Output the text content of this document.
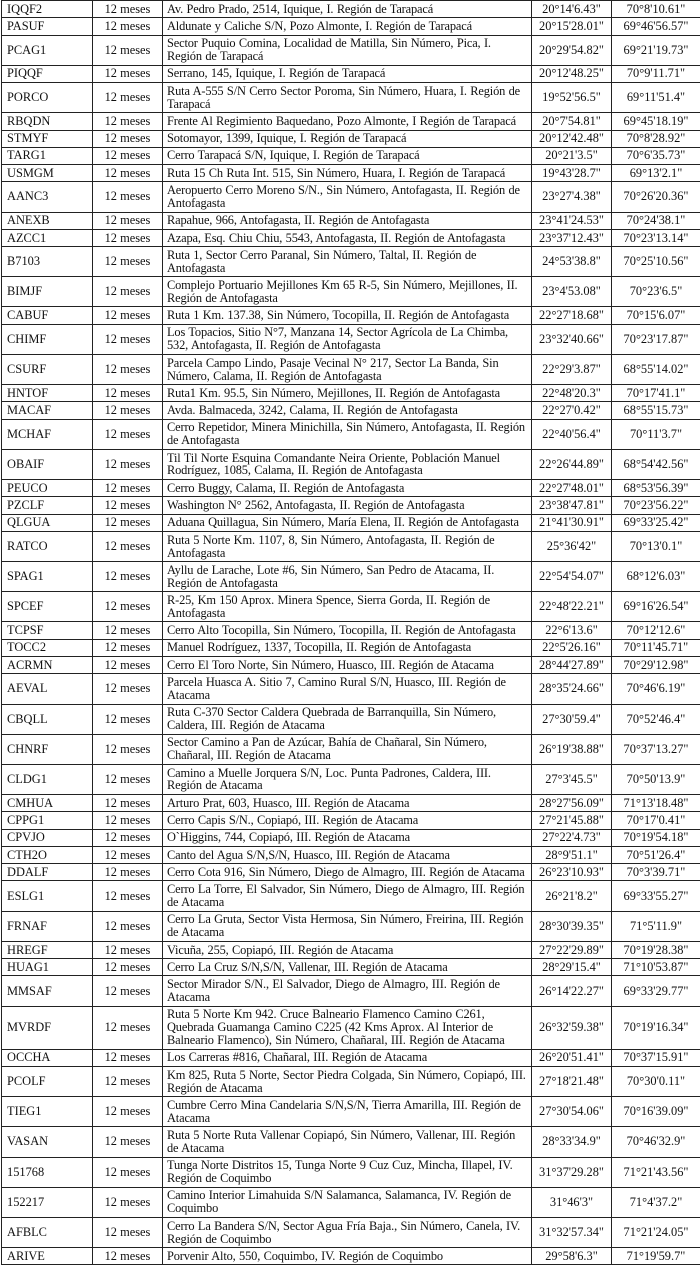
IQQF2	12 meses	Av. Pedro Prado, 2514, Iquique, I. Región de Tarapacá	20°14'6.43"	70°8'10.61"
PASUF	12 meses	Aldunate y Caliche S/N, Pozo Almonte, I. Región de Tarapacá	20°15'28.01"	69°46'56.57"
PCAG1	12 meses	Sector Puquio Comina, Localidad de Matilla, Sin Número, Pica, I. Región de Tarapacá	20°29'54.82"	69°21'19.73"
PIQQF	12 meses	Serrano, 145, Iquique, I. Región de Tarapacá	20°12'48.25"	70°9'11.71"
PORCO	12 meses	Ruta A-555 S/N Cerro Sector Poroma, Sin Número, Huara, I. Región de Tarapacá	19°52'56.5"	69°11'51.4"
RBQDN	12 meses	Frente Al Regimiento Baquedano, Pozo Almonte, I Región de Tarapacá	20°7'54.81"	69°45'18.19"
STMYF	12 meses	Sotomayor, 1399, Iquique, I. Región de Tarapacá	20°12'42.48"	70°8'28.92"
TARG1	12 meses	Cerro Tarapacá S/N, Iquique, I. Región de Tarapacá	20°21'3.5"	70°6'35.73"
USMGM	12 meses	Ruta 15 Ch Ruta Int. 515, Sin Número, Huara, I. Región de Tarapacá	19°43'28.7"	69°13'2.1"
AANC3	12 meses	Aeropuerto Cerro Moreno S/N., Sin Número, Antofagasta, II. Región de Antofagasta	23°27'4.38"	70°26'20.36"
ANEXB	12 meses	Rapahue, 966, Antofagasta, II. Región de Antofagasta	23°41'24.53"	70°24'38.1"
AZCC1	12 meses	Azapa, Esq. Chiu Chiu, 5543, Antofagasta, II. Región de Antofagasta	23°37'12.43"	70°23'13.14"
B7103	12 meses	Ruta 1, Sector Cerro Paranal, Sin Número, Taltal, II. Región de Antofagasta	24°53'38.8"	70°25'10.56"
BIMJF	12 meses	Complejo Portuario Mejillones Km 65 R-5, Sin Número, Mejillones, II. Región de Antofagasta	23°4'53.08"	70°23'6.5"
CABUF	12 meses	Ruta 1 Km. 137.38, Sin Número, Tocopilla, II. Región de Antofagasta	22°27'18.68"	70°15'6.07"
CHIMF	12 meses	Los Topacios, Sitio N°7, Manzana 14, Sector Agrícola de La Chimba, 532, Antofagasta, II. Región de Antofagasta	23°32'40.66"	70°23'17.87"
CSURF	12 meses	Parcela Campo Lindo, Pasaje Vecinal N° 217, Sector La Banda, Sin Número, Calama, II. Región de Antofagasta	22°29'3.87"	68°55'14.02"
HNTOF	12 meses	Ruta1 Km. 95.5, Sin Número, Mejillones, II. Región de Antofagasta	22°48'20.3"	70°17'41.1"
MACAF	12 meses	Avda. Balmaceda, 3242, Calama, II. Región de Antofagasta	22°27'0.42"	68°55'15.73"
MCHAF	12 meses	Cerro Repetidor, Minera Minichilla, Sin Número, Antofagasta, II. Región de Antofagasta	22°40'56.4"	70°11'3.7"
OBAIF	12 meses	Til Til Norte Esquina Comandante Neira Oriente, Población Manuel Rodríguez, 1085, Calama, II. Región de Antofagasta	22°26'44.89"	68°54'42.56"
PEUCO	12 meses	Cerro Buggy, Calama, II. Región de Antofagasta	22°27'48.01"	68°53'56.39"
PZCLF	12 meses	Washington N° 2562, Antofagasta, II. Región de Antofagasta	23°38'47.81"	70°23'56.22"
QLGUA	12 meses	Aduana Quillagua, Sin Número, María Elena, II. Región de Antofagasta	21°41'30.91"	69°33'25.42"
RATCO	12 meses	Ruta 5 Norte Km. 1107, 8, Sin Número, Antofagasta, II. Región de Antofagasta	25°36'42"	70°13'0.1"
SPAG1	12 meses	Ayllu de Larache, Lote #6, Sin Número, San Pedro de Atacama, II. Región de Antofagasta	22°54'54.07"	68°12'6.03"
SPCEF	12 meses	R-25, Km 150 Aprox. Minera Spence, Sierra Gorda, II. Región de Antofagasta	22°48'22.21"	69°16'26.54"
TCPSF	12 meses	Cerro Alto Tocopilla, Sin Número, Tocopilla, II. Región de Antofagasta	22°6'13.6"	70°12'12.6"
TOCC2	12 meses	Manuel Rodríguez, 1337, Tocopilla, II. Región de Antofagasta	22°5'26.16"	70°11'45.71"
ACRMN	12 meses	Cerro El Toro Norte, Sin Número, Huasco, III. Región de Atacama	28°44'27.89"	70°29'12.98"
AEVAL	12 meses	Parcela Huasca A. Sitio 7, Camino Rural S/N, Huasco, III. Región de Atacama	28°35'24.66"	70°46'6.19"
CBQLL	12 meses	Ruta C-370 Sector Caldera Quebrada de Barranquilla, Sin Número, Caldera, III. Región de Atacama	27°30'59.4"	70°52'46.4"
CHNRF	12 meses	Sector Camino a Pan de Azúcar, Bahía de Chañaral, Sin Número, Chañaral, III. Región de Atacama	26°19'38.88"	70°37'13.27"
CLDG1	12 meses	Camino a Muelle Jorquera S/N, Loc. Punta Padrones, Caldera, III. Región de Atacama	27°3'45.5"	70°50'13.9"
CMHUA	12 meses	Arturo Prat, 603, Huasco, III. Región de Atacama	28°27'56.09"	71°13'18.48"
CPPG1	12 meses	Cerro Capis S/N., Copiapó, III. Región de Atacama	27°21'45.88"	70°17'0.41"
CPVJO	12 meses	O`Higgins, 744, Copiapó, III. Región de Atacama	27°22'4.73"	70°19'54.18"
CTH2O	12 meses	Canto del Agua S/N,S/N, Huasco, III. Región de Atacama	28°9'51.1"	70°51'26.4"
DDALF	12 meses	Cerro Cota 916, Sin Número, Diego de Almagro, III. Región de Atacama	26°23'10.93"	70°3'39.71"
ESLG1	12 meses	Cerro La Torre, El Salvador, Sin Número, Diego de Almagro, III. Región de Atacama	26°21'8.2"	69°33'55.27"
FRNAF	12 meses	Cerro La Gruta, Sector Vista Hermosa, Sin Número, Freirina, III. Región de Atacama	28°30'39.35"	71°5'11.9"
HREGF	12 meses	Vicuña, 255, Copiapó, III. Región de Atacama	27°22'29.89"	70°19'28.38"
HUAG1	12 meses	Cerro La Cruz S/N,S/N, Vallenar, III. Región de Atacama	28°29'15.4"	71°10'53.87"
MMSAF	12 meses	Sector Mirador S/N., El Salvador, Diego de Almagro, III. Región de Atacama	26°14'22.27"	69°33'29.77"
MVRDF	12 meses	Ruta 5 Norte Km 942. Cruce Balneario Flamenco Camino C261, Quebrada Guamanga Camino C225 (42 Kms Aprox. Al Interior de Balneario Flamenco), Sin Número, Chañaral, III. Región de Atacama	26°32'59.38"	70°19'16.34"
OCCHA	12 meses	Los Carreras #816, Chañaral, III. Región de Atacama	26°20'51.41"	70°37'15.91"
PCOLF	12 meses	Km 825, Ruta 5 Norte, Sector Piedra Colgada, Sin Número, Copiapó, III. Región de Atacama	27°18'21.48"	70°30'0.11"
TIEG1	12 meses	Cumbre Cerro Mina Candelaria S/N,S/N, Tierra Amarilla, III. Región de Atacama	27°30'54.06"	70°16'39.09"
VASAN	12 meses	Ruta 5 Norte Ruta Vallenar Copiapó, Sin Número, Vallenar, III. Región de Atacama	28°33'34.9"	70°46'32.9"
151768	12 meses	Tunga Norte Distritos 15, Tunga Norte 9 Cuz Cuz, Mincha, Illapel, IV. Región de Coquimbo	31°37'29.28"	71°21'43.56"
152217	12 meses	Camino Interior Limahuida S/N Salamanca, Salamanca, IV. Región de Coquimbo	31°46'3"	71°4'37.2"
AFBLC	12 meses	Cerro La Bandera S/N, Sector Agua Fría Baja., Sin Número, Canela, IV. Región de Coquimbo	31°32'57.34"	71°21'24.05"
ARIVE	12 meses	Porvenir Alto, 550, Coquimbo, IV. Región de Coquimbo	29°58'6.3"	71°19'59.7"
